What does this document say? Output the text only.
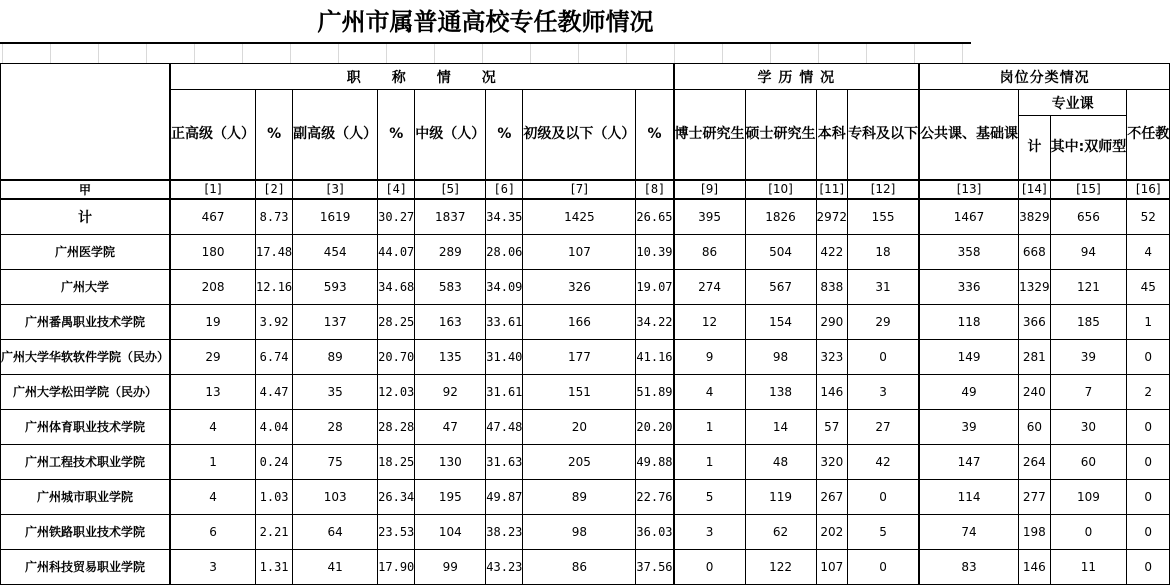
广州市属普通高校专任教师情况
	职　　称　　情　　况								学 历 情 况				岗位分类情况			
	正高级（人）	%	副高级（人）	%	中级（人）	%	初级及以下（人）	%	博士研究生	硕士研究生	本科	专科及以下	公共课、基础课	专业课		不任教
														计	其中:双师型	
甲	[1]	[2]	[3]	[4]	[5]	[6]	[7]	[8]	[9]	[10]	[11]	[12]	[13]	[14]	[15]	[16]
计	467	8.73	1619	30.27	1837	34.35	1425	26.65	395	1826	2972	155	1467	3829	656	52
广州医学院	180	17.48	454	44.07	289	28.06	107	10.39	86	504	422	18	358	668	94	4
广州大学	208	12.16	593	34.68	583	34.09	326	19.07	274	567	838	31	336	1329	121	45
广州番禺职业技术学院	19	3.92	137	28.25	163	33.61	166	34.22	12	154	290	29	118	366	185	1
广州大学华软软件学院（民办）	29	6.74	89	20.70	135	31.40	177	41.16	9	98	323	0	149	281	39	0
广州大学松田学院（民办）	13	4.47	35	12.03	92	31.61	151	51.89	4	138	146	3	49	240	7	2
广州体育职业技术学院	4	4.04	28	28.28	47	47.48	20	20.20	1	14	57	27	39	60	30	0
广州工程技术职业学院	1	0.24	75	18.25	130	31.63	205	49.88	1	48	320	42	147	264	60	0
广州城市职业学院	4	1.03	103	26.34	195	49.87	89	22.76	5	119	267	0	114	277	109	0
广州铁路职业技术学院	6	2.21	64	23.53	104	38.23	98	36.03	3	62	202	5	74	198	0	0
广州科技贸易职业学院	3	1.31	41	17.90	99	43.23	86	37.56	0	122	107	0	83	146	11	0
